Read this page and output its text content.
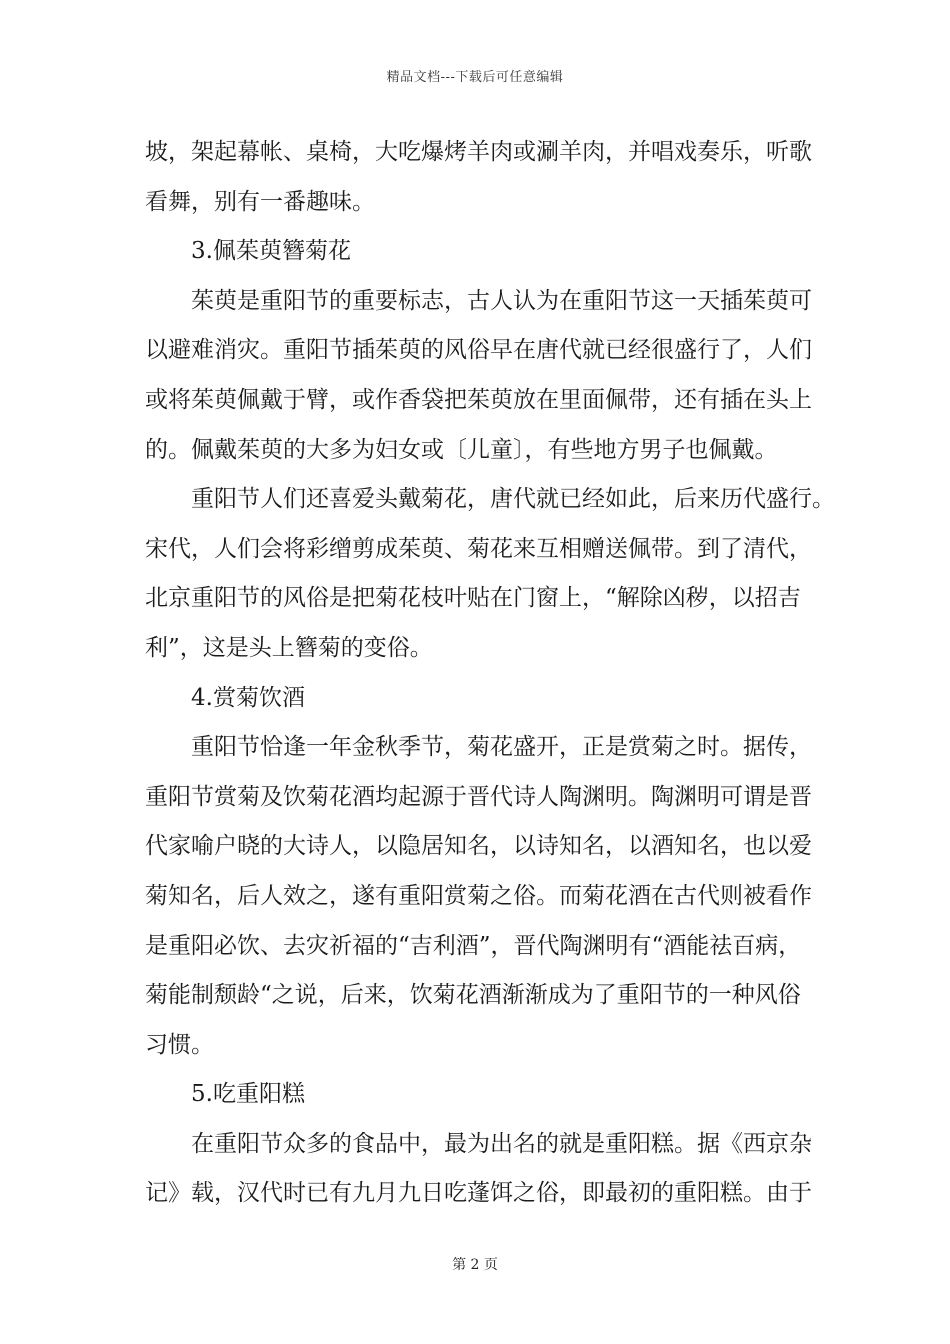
精品文档---下载后可任意编辑
坡，架起幕帐、桌椅，大吃爆烤羊肉或涮羊肉，并唱戏奏乐，听歌
看舞，别有一番趣味。
3.佩茱萸簪菊花
茱萸是重阳节的重要标志，古人认为在重阳节这一天插茱萸可
以避难消灾。重阳节插茱萸的风俗早在唐代就已经很盛行了，人们
或将茱萸佩戴于臂，或作香袋把茱萸放在里面佩带，还有插在头上
的。佩戴茱萸的大多为妇女或〔儿童〕，有些地方男子也佩戴。
重阳节人们还喜爱头戴菊花，唐代就已经如此，后来历代盛行。
宋代，人们会将彩缯剪成茱萸、菊花来互相赠送佩带。到了清代，
北京重阳节的风俗是把菊花枝叶贴在门窗上，“解除凶秽，以招吉
利”，这是头上簪菊的变俗。
4.赏菊饮酒
重阳节恰逢一年金秋季节，菊花盛开，正是赏菊之时。据传，
重阳节赏菊及饮菊花酒均起源于晋代诗人陶渊明。陶渊明可谓是晋
代家喻户晓的大诗人，以隐居知名，以诗知名，以酒知名，也以爱
菊知名，后人效之，遂有重阳赏菊之俗。而菊花酒在古代则被看作
是重阳必饮、去灾祈福的“吉利酒”，晋代陶渊明有“酒能祛百病，
菊能制颓龄“之说，后来，饮菊花酒渐渐成为了重阳节的一种风俗
习惯。
5.吃重阳糕
在重阳节众多的食品中，最为出名的就是重阳糕。据《西京杂
记》载，汉代时已有九月九日吃蓬饵之俗，即最初的重阳糕。由于
第 2 页
